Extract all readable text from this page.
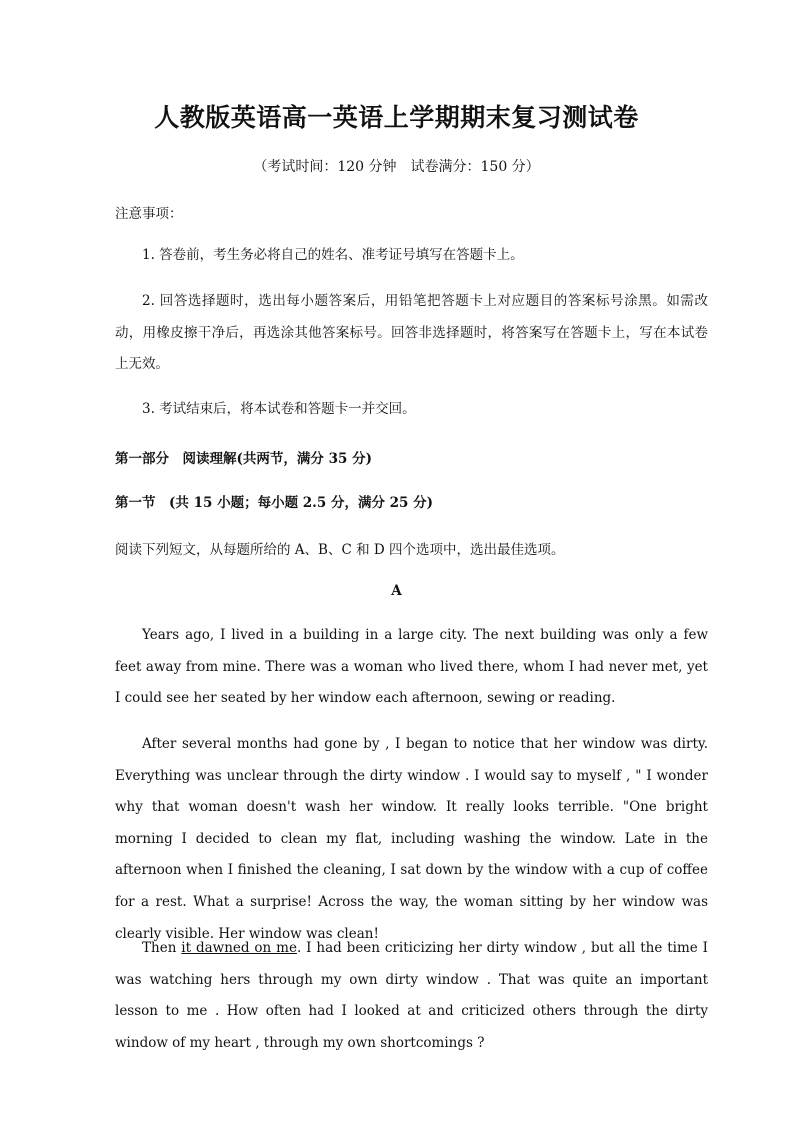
人教版英语高一英语上学期期末复习测试卷
（考试时间：120 分钟　试卷满分：150 分）
注意事项：
1. 答卷前，考生务必将自己的姓名、准考证号填写在答题卡上。
2. 回答选择题时，选出每小题答案后，用铅笔把答题卡上对应题目的答案标号涂黑。如需改动，用橡皮擦干净后，再选涂其他答案标号。回答非选择题时，将答案写在答题卡上，写在本试卷上无效。
3. 考试结束后，将本试卷和答题卡一并交回。
第一部分　阅读理解(共两节，满分 35 分)
第一节　(共 15 小题；每小题 2.5 分，满分 25 分)
阅读下列短文，从每题所给的 A、B、C 和 D 四个选项中，选出最佳选项。
A
Years ago, I lived in a building in a large city. The next building was only a few feet away from mine. There was a woman who lived there, whom I had never met, yet I could see her seated by her window each afternoon, sewing or reading.
After several months had gone by , I began to notice that her window was dirty. Everything was unclear through the dirty window . I would say to myself , " I wonder why that woman doesn't wash her window. It really looks terrible. "One bright morning I decided to clean my flat, including washing the window. Late in the afternoon when I finished the cleaning, I sat down by the window with a cup of coffee for a rest. What a surprise! Across the way, the woman sitting by her window was clearly visible. Her window was clean!
Then it dawned on me. I had been criticizing her dirty window , but all the time I was watching hers through my own dirty window . That was quite an important lesson to me . How often had I looked at and criticized others through the dirty window of my heart , through my own shortcomings ?
